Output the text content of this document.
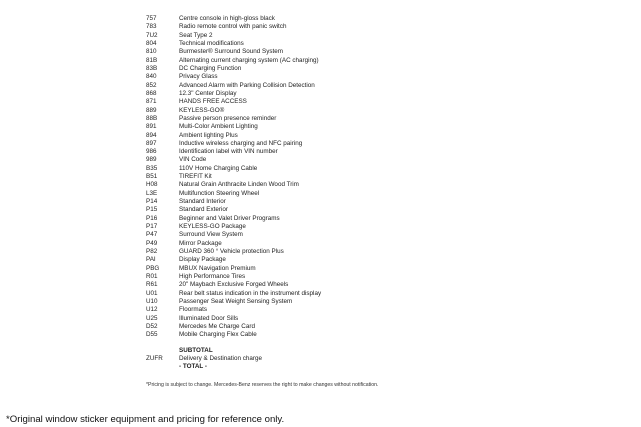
757	Centre console in high-gloss black
783	Radio remote control with panic switch
7U2	Seat Type 2
804	Technical modifications
810	Burmester® Surround Sound System
81B	Alternating current charging system (AC charging)
83B	DC Charging Function
840	Privacy Glass
852	Advanced Alarm with Parking Collision Detection
868	12.3" Center Display
871	HANDS FREE ACCESS
889	KEYLESS-GO®
88B	Passive person presence reminder
891	Multi-Color Ambient Lighting
894	Ambient lighting Plus
897	Inductive wireless charging and NFC pairing
986	Identification label with VIN number
989	VIN Code
B35	110V Home Charging Cable
B51	TIREFIT Kit
H08	Natural Grain Anthracite Linden Wood Trim
L3E	Multifunction Steering Wheel
P14	Standard Interior
P15	Standard Exterior
P16	Beginner and Valet Driver Programs
P17	KEYLESS-GO Package
P47	Surround View System
P49	Mirror Package
P82	GUARD 360 ° Vehicle protection Plus
PAI	Display Package
PBG	MBUX Navigation Premium
R01	High Performance Tires
R61	20" Maybach Exclusive Forged Wheels
U01	Rear belt status indication in the instrument display
U10	Passenger Seat Weight Sensing System
U12	Floormats
U25	Illuminated Door Sills
D52	Mercedes Me Charge Card
D55	Mobile Charging Flex Cable
SUBTOTAL
ZUFR	Delivery & Destination charge
- TOTAL -
*Pricing is subject to change. Mercedes-Benz reserves the right to make changes without notification.
*Original window sticker equipment and pricing for reference only.
